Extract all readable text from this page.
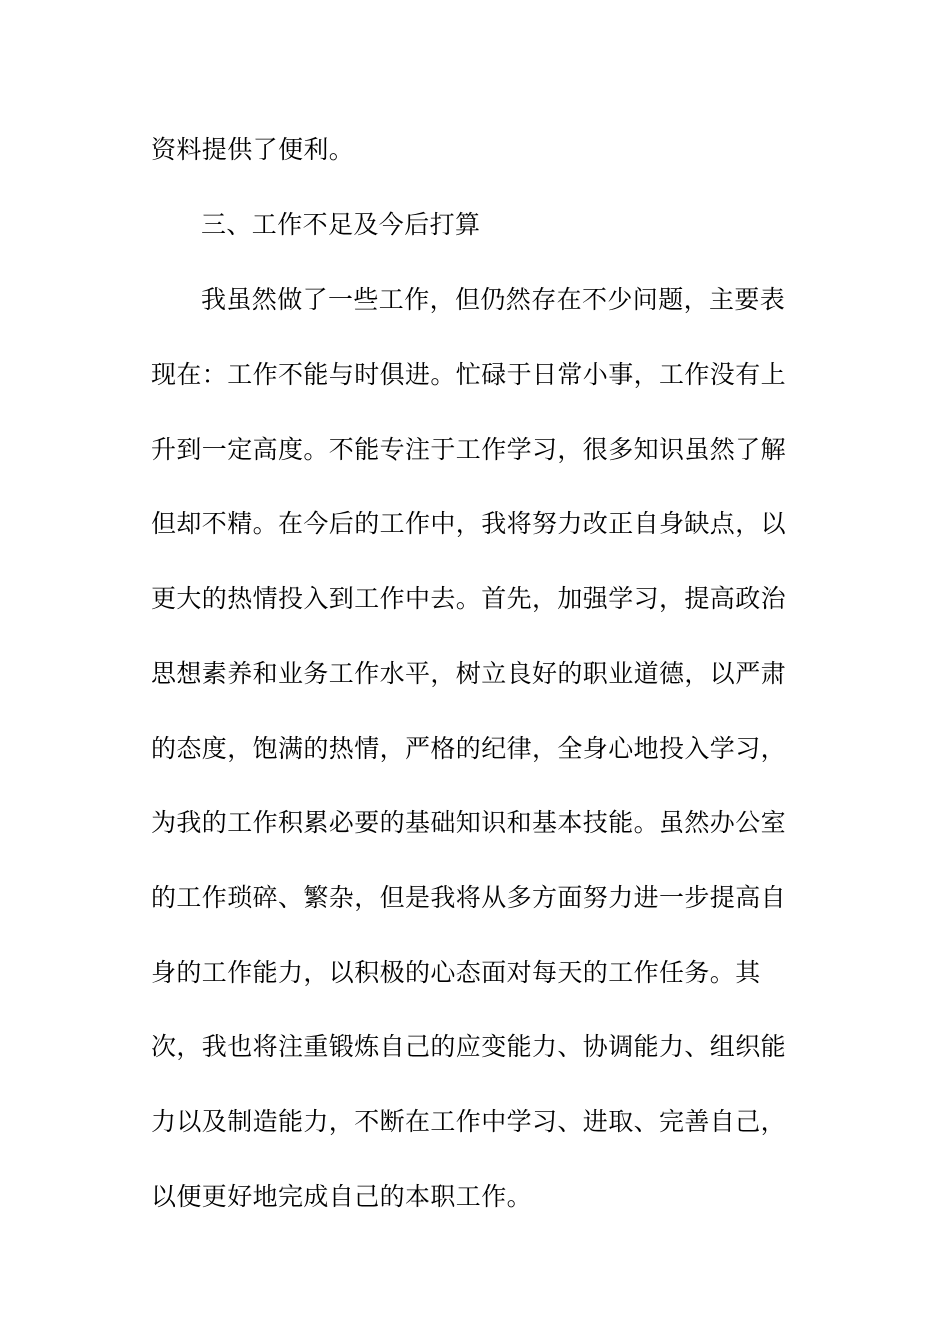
资料提供了便利。
三、工作不足及今后打算
我虽然做了一些工作，但仍然存在不少问题，主要表
现在：工作不能与时俱进。忙碌于日常小事，工作没有上
升到一定高度。不能专注于工作学习，很多知识虽然了解
但却不精。在今后的工作中，我将努力改正自身缺点，以
更大的热情投入到工作中去。首先，加强学习，提高政治
思想素养和业务工作水平，树立良好的职业道德，以严肃
的态度，饱满的热情，严格的纪律，全身心地投入学习，
为我的工作积累必要的基础知识和基本技能。虽然办公室
的工作琐碎、繁杂，但是我将从多方面努力进一步提高自
身的工作能力，以积极的心态面对每天的工作任务。其
次，我也将注重锻炼自己的应变能力、协调能力、组织能
力以及制造能力，不断在工作中学习、进取、完善自己，
以便更好地完成自己的本职工作。
